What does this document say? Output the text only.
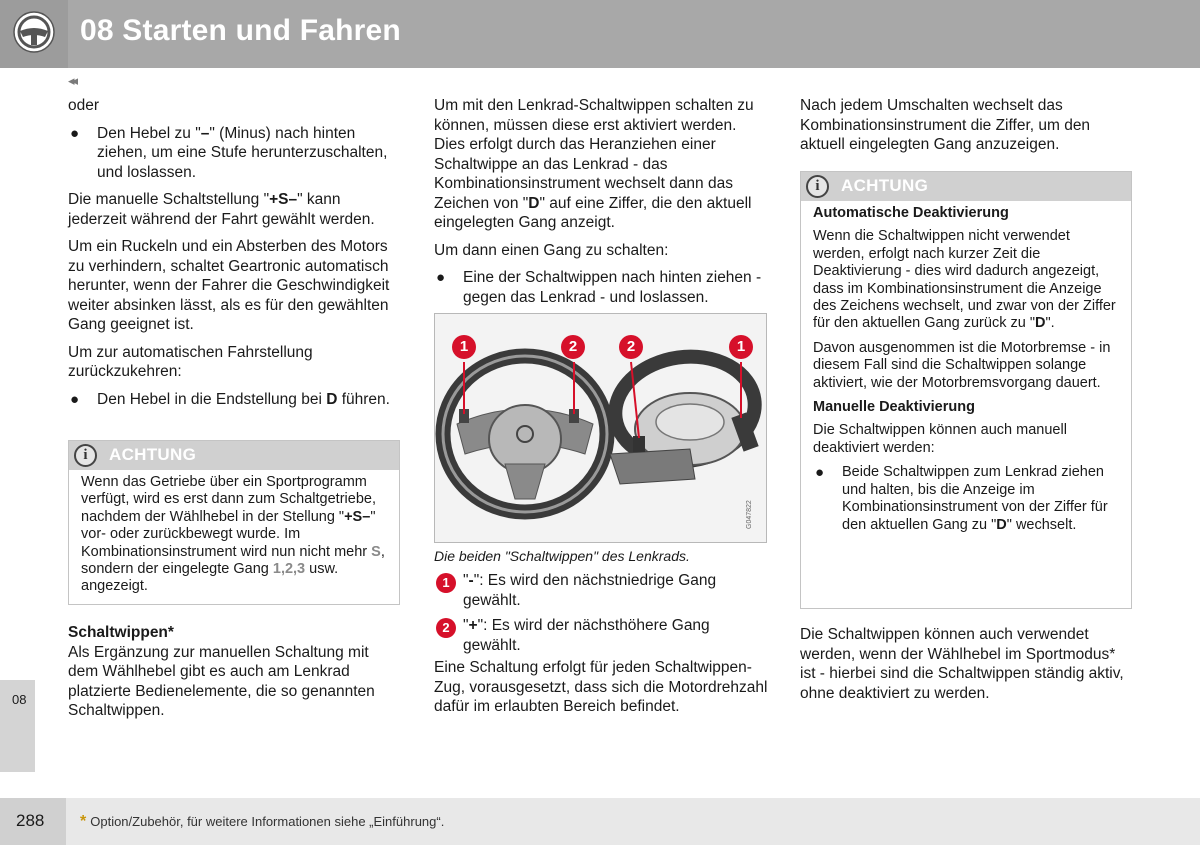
08 Starten und Fahren
◂◂

oder

● Den Hebel zu "–" (Minus) nach hinten ziehen, um eine Stufe herunterzuschalten, und loslassen.

Die manuelle Schaltstellung "+S–" kann jederzeit während der Fahrt gewählt werden.

Um ein Ruckeln und ein Absterben des Motors zu verhindern, schaltet Geartronic automatisch herunter, wenn der Fahrer die Geschwindigkeit weiter absinken lässt, als es für den gewählten Gang geeignet ist.

Um zur automatischen Fahrstellung zurückzukehren:

● Den Hebel in die Endstellung bei D führen.
i	ACHTUNG
Wenn das Getriebe über ein Sportprogramm verfügt, wird es erst dann zum Schaltgetriebe, nachdem der Wählhebel in der Stellung "+S–" vor- oder zurückbewegt wurde. Im Kombinationsinstrument wird nun nicht mehr S, sondern der eingelegte Gang 1,2,3 usw. angezeigt.
Schaltwippen*

Als Ergänzung zur manuellen Schaltung mit dem Wählhebel gibt es auch am Lenkrad platzierte Bedienelemente, die so genannten Schaltwippen.

Um mit den Lenkrad-Schaltwippen schalten zu können, müssen diese erst aktiviert werden. Dies erfolgt durch das Heranziehen einer Schaltwippe an das Lenkrad - das Kombinationsinstrument wechselt dann das Zeichen von "D" auf eine Ziffer, die den aktuell eingelegten Gang anzeigt.

Um dann einen Gang zu schalten:

● Eine der Schaltwippen nach hinten ziehen - gegen das Lenkrad - und loslassen.
G047822
1	2	2	1
Die beiden "Schaltwippen" des Lenkrads.
1 "-": Es wird den nächstniedrige Gang gewählt.
2 "+": Es wird der nächsthöhere Gang gewählt.

Eine Schaltung erfolgt für jeden Schaltwippen-Zug, vorausgesetzt, dass sich die Motordrehzahl dafür im erlaubten Bereich befindet.

Nach jedem Umschalten wechselt das Kombinationsinstrument die Ziffer, um den aktuell eingelegten Gang anzuzeigen.

i	ACHTUNG
Automatische Deaktivierung

Wenn die Schaltwippen nicht verwendet werden, erfolgt nach kurzer Zeit die Deaktivierung - dies wird dadurch angezeigt, dass im Kombinationsinstrument die Anzeige des Zeichens wechselt, und zwar von der Ziffer für den aktuellen Gang zurück zu "D".

Davon ausgenommen ist die Motorbremse - in diesem Fall sind die Schaltwippen solange aktiviert, wie der Motorbremsvorgang dauert.

Manuelle Deaktivierung

Die Schaltwippen können auch manuell deaktiviert werden:

● Beide Schaltwippen zum Lenkrad ziehen und halten, bis die Anzeige im Kombinationsinstrument von der Ziffer für den aktuellen Gang zu "D" wechselt.

Die Schaltwippen können auch verwendet werden, wenn der Wählhebel im Sportmodus* ist - hierbei sind die Schaltwippen ständig aktiv, ohne deaktiviert zu werden.

08
288 * Option/Zubehör, für weitere Informationen siehe „Einführung“.
